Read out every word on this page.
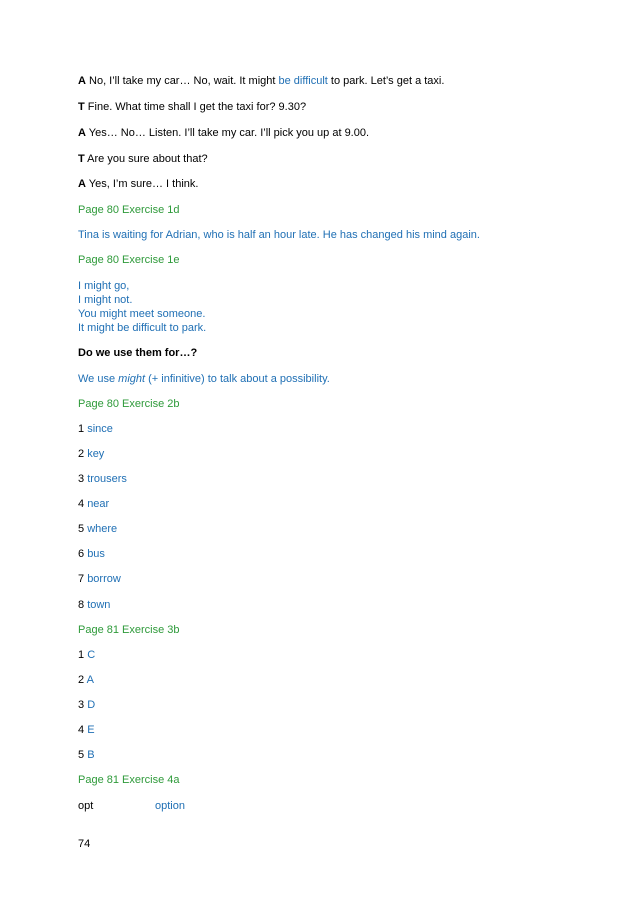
A No, I’ll take my car… No, wait. It might be difficult to park. Let’s get a taxi.
T Fine. What time shall I get the taxi for? 9.30?
A Yes… No… Listen. I’ll take my car. I’ll pick you up at 9.00.
T Are you sure about that?
A Yes, I’m sure… I think.
Page 80 Exercise 1d
Tina is waiting for Adrian, who is half an hour late. He has changed his mind again.
Page 80 Exercise 1e
I might go,
I might not.
You might meet someone.
It might be difficult to park.
Do we use them for…?
We use might (+ infinitive) to talk about a possibility.
Page 80 Exercise 2b
1 since
2 key
3 trousers
4 near
5 where
6 bus
7 borrow
8 town
Page 81 Exercise 3b
1 C
2 A
3 D
4 E
5 B
Page 81 Exercise 4a
opt	option
74
